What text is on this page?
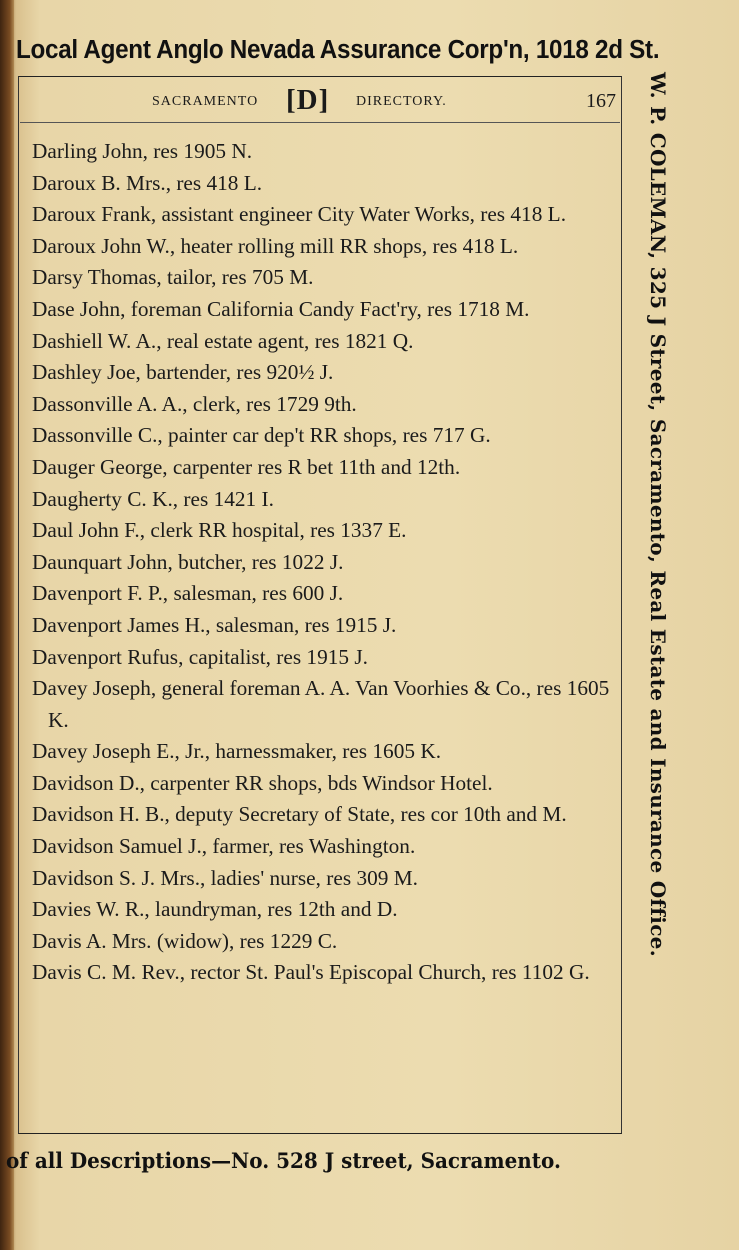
Local Agent Anglo Nevada Assurance Corp'n, 1018 2d St.
SACRAMENTO [D] DIRECTORY.	167
Darling John, res 1905 N.
Daroux B. Mrs., res 418 L.
Daroux Frank, assistant engineer City Water Works, res 418 L.
Daroux John W., heater rolling mill RR shops, res 418 L.
Darsy Thomas, tailor, res 705 M.
Dase John, foreman California Candy Fact'ry, res 1718 M.
Dashiell W. A., real estate agent, res 1821 Q.
Dashley Joe, bartender, res 920½ J.
Dassonville A. A., clerk, res 1729 9th.
Dassonville C., painter car dep't RR shops, res 717 G.
Dauger George, carpenter res R bet 11th and 12th.
Daugherty C. K., res 1421 I.
Daul John F., clerk RR hospital, res 1337 E.
Daunquart John, butcher, res 1022 J.
Davenport F. P., salesman, res 600 J.
Davenport James H., salesman, res 1915 J.
Davenport Rufus, capitalist, res 1915 J.
Davey Joseph, general foreman A. A. Van Voorhies & Co., res 1605 K.
Davey Joseph E., Jr., harnessmaker, res 1605 K.
Davidson D., carpenter RR shops, bds Windsor Hotel.
Davidson H. B., deputy Secretary of State, res cor 10th and M.
Davidson Samuel J., farmer, res Washington.
Davidson S. J. Mrs., ladies' nurse, res 309 M.
Davies W. R., laundryman, res 12th and D.
Davis A. Mrs. (widow), res 1229 C.
Davis C. M. Rev., rector St. Paul's Episcopal Church, res 1102 G.
W. P. COLEMAN, 325 J Street, Sacramento, Real Estate and Insurance Office.
of all Descriptions—No. 528 J street, Sacramento.
